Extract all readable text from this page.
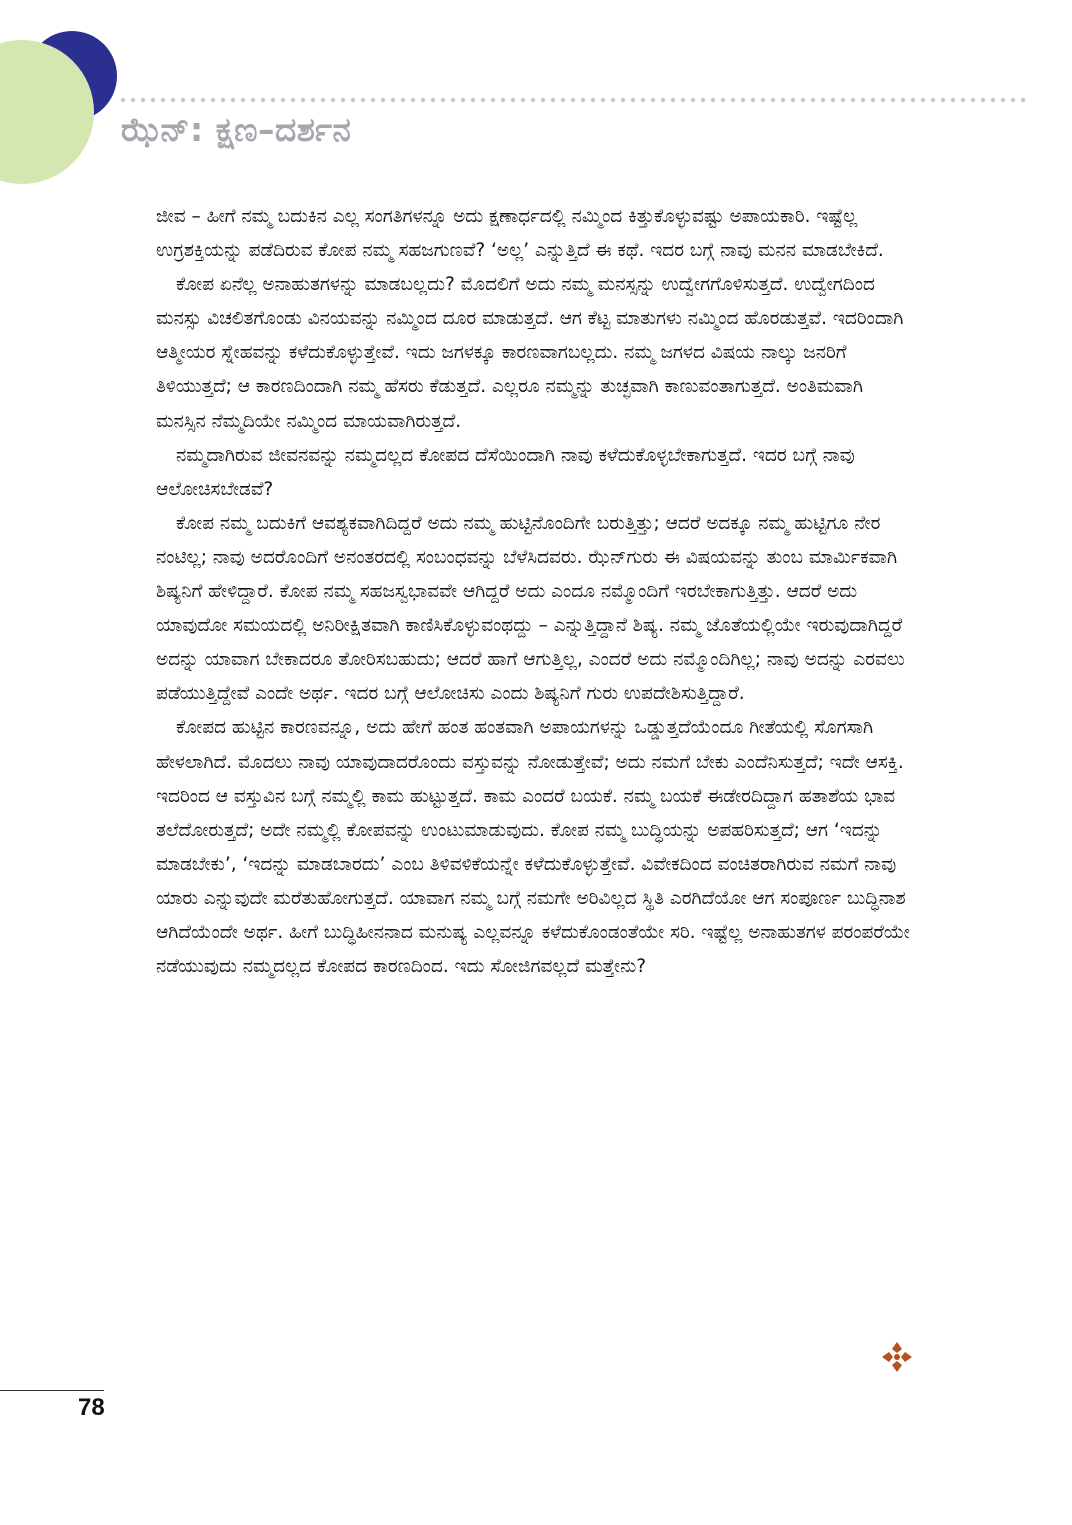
ಝೆನ್‌: ಕ್ಷಣ–ದರ್ಶನ

ಜೀವ – ಹೀಗೆ ನಮ್ಮ ಬದುಕಿನ ಎಲ್ಲ ಸಂಗತಿಗಳನ್ನೂ ಅದು ಕ್ಷಣಾರ್ಧದಲ್ಲಿ ನಮ್ಮಿಂದ ಕಿತ್ತುಕೊಳ್ಳುವಷ್ಟು ಅಪಾಯಕಾರಿ. ಇಷ್ಟೆಲ್ಲ ಉಗ್ರಶಕ್ತಿಯನ್ನು ಪಡೆದಿರುವ ಕೋಪ ನಮ್ಮ ಸಹಜಗುಣವೆ? ‘ಅಲ್ಲ’ ಎನ್ನುತ್ತಿದೆ ಈ ಕಥೆ. ಇದರ ಬಗ್ಗೆ ನಾವು ಮನನ ಮಾಡಬೇಕಿದೆ.

ಕೋಪ ಏನೆಲ್ಲ ಅನಾಹುತಗಳನ್ನು ಮಾಡಬಲ್ಲದು? ಮೊದಲಿಗೆ ಅದು ನಮ್ಮ ಮನಸ್ಸನ್ನು ಉದ್ವೇಗಗೊಳಿಸುತ್ತದೆ. ಉದ್ವೇಗದಿಂದ ಮನಸ್ಸು ವಿಚಲಿತಗೊಂಡು ವಿನಯವನ್ನು ನಮ್ಮಿಂದ ದೂರ ಮಾಡುತ್ತದೆ. ಆಗ ಕೆಟ್ಟ ಮಾತುಗಳು ನಮ್ಮಿಂದ ಹೊರಡುತ್ತವೆ. ಇದರಿಂದಾಗಿ ಆತ್ಮೀಯರ ಸ್ನೇಹವನ್ನು ಕಳೆದುಕೊಳ್ಳುತ್ತೇವೆ. ಇದು ಜಗಳಕ್ಕೂ ಕಾರಣವಾಗಬಲ್ಲದು. ನಮ್ಮ ಜಗಳದ ವಿಷಯ ನಾಲ್ಕು ಜನರಿಗೆ ತಿಳಿಯುತ್ತದೆ; ಆ ಕಾರಣದಿಂದಾಗಿ ನಮ್ಮ ಹೆಸರು ಕೆಡುತ್ತದೆ. ಎಲ್ಲರೂ ನಮ್ಮನ್ನು ತುಚ್ಛವಾಗಿ ಕಾಣುವಂತಾಗುತ್ತದೆ. ಅಂತಿಮವಾಗಿ ಮನಸ್ಸಿನ ನೆಮ್ಮದಿಯೇ ನಮ್ಮಿಂದ ಮಾಯವಾಗಿರುತ್ತದೆ.

ನಮ್ಮದಾಗಿರುವ ಜೀವನವನ್ನು ನಮ್ಮದಲ್ಲದ ಕೋಪದ ದೆಸೆಯಿಂದಾಗಿ ನಾವು ಕಳೆದುಕೊಳ್ಳಬೇಕಾಗುತ್ತದೆ. ಇದರ ಬಗ್ಗೆ ನಾವು ಆಲೋಚಿಸಬೇಡವೆ?

ಕೋಪ ನಮ್ಮ ಬದುಕಿಗೆ ಆವಶ್ಯಕವಾಗಿದಿದ್ದರೆ ಅದು ನಮ್ಮ ಹುಟ್ಟಿನೊಂದಿಗೇ ಬರುತ್ತಿತ್ತು; ಆದರೆ ಅದಕ್ಕೂ ನಮ್ಮ ಹುಟ್ಟಿಗೂ ನೇರ ನಂಟಿಲ್ಲ; ನಾವು ಅದರೊಂದಿಗೆ ಅನಂತರದಲ್ಲಿ ಸಂಬಂಧವನ್ನು ಬೆಳೆಸಿದವರು. ಝೆನ್‌ಗುರು ಈ ವಿಷಯವನ್ನು ತುಂಬ ಮಾರ್ಮಿಕವಾಗಿ ಶಿಷ್ಯನಿಗೆ ಹೇಳಿದ್ದಾರೆ. ಕೋಪ ನಮ್ಮ ಸಹಜಸ್ವಭಾವವೇ ಆಗಿದ್ದರೆ ಅದು ಎಂದೂ ನಮ್ಮೊಂದಿಗೆ ಇರಬೇಕಾಗುತ್ತಿತ್ತು. ಆದರೆ ಅದು ಯಾವುದೋ ಸಮಯದಲ್ಲಿ ಅನಿರೀಕ್ಷಿತವಾಗಿ ಕಾಣಿಸಿಕೊಳ್ಳುವಂಥದ್ದು – ಎನ್ನುತ್ತಿದ್ದಾನೆ ಶಿಷ್ಯ. ನಮ್ಮ ಜೊತೆಯಲ್ಲಿಯೇ ಇರುವುದಾಗಿದ್ದರೆ ಅದನ್ನು ಯಾವಾಗ ಬೇಕಾದರೂ ತೋರಿಸಬಹುದು; ಆದರೆ ಹಾಗೆ ಆಗುತ್ತಿಲ್ಲ, ಎಂದರೆ ಅದು ನಮ್ಮೊಂದಿಗಿಲ್ಲ; ನಾವು ಅದನ್ನು ಎರವಲು ಪಡೆಯುತ್ತಿದ್ದೇವೆ ಎಂದೇ ಅರ್ಥ. ಇದರ ಬಗ್ಗೆ ಆಲೋಚಿಸು ಎಂದು ಶಿಷ್ಯನಿಗೆ ಗುರು ಉಪದೇಶಿಸುತ್ತಿದ್ದಾರೆ.

ಕೋಪದ ಹುಟ್ಟಿನ ಕಾರಣವನ್ನೂ, ಅದು ಹೇಗೆ ಹಂತ ಹಂತವಾಗಿ ಅಪಾಯಗಳನ್ನು ಒಡ್ಡುತ್ತದೆಯೆಂದೂ ಗೀತೆಯಲ್ಲಿ ಸೊಗಸಾಗಿ ಹೇಳಲಾಗಿದೆ. ಮೊದಲು ನಾವು ಯಾವುದಾದರೊಂದು ವಸ್ತುವನ್ನು ನೋಡುತ್ತೇವೆ; ಅದು ನಮಗೆ ಬೇಕು ಎಂದೆನಿಸುತ್ತದೆ; ಇದೇ ಆಸಕ್ತಿ. ಇದರಿಂದ ಆ ವಸ್ತುವಿನ ಬಗ್ಗೆ ನಮ್ಮಲ್ಲಿ ಕಾಮ ಹುಟ್ಟುತ್ತದೆ. ಕಾಮ ಎಂದರೆ ಬಯಕೆ. ನಮ್ಮ ಬಯಕೆ ಈಡೇರದಿದ್ದಾಗ ಹತಾಶೆಯ ಭಾವ ತಲೆದೋರುತ್ತದೆ; ಅದೇ ನಮ್ಮಲ್ಲಿ ಕೋಪವನ್ನು ಉಂಟುಮಾಡುವುದು. ಕೋಪ ನಮ್ಮ ಬುದ್ಧಿಯನ್ನು ಅಪಹರಿಸುತ್ತದೆ; ಆಗ ‘ಇದನ್ನು ಮಾಡಬೇಕು’, ‘ಇದನ್ನು ಮಾಡಬಾರದು’ ಎಂಬ ತಿಳಿವಳಿಕೆಯನ್ನೇ ಕಳೆದುಕೊಳ್ಳುತ್ತೇವೆ. ವಿವೇಕದಿಂದ ವಂಚಿತರಾಗಿರುವ ನಮಗೆ ನಾವು ಯಾರು ಎನ್ನುವುದೇ ಮರೆತುಹೋಗುತ್ತದೆ. ಯಾವಾಗ ನಮ್ಮ ಬಗ್ಗೆ ನಮಗೇ ಅರಿವಿಲ್ಲದ ಸ್ಥಿತಿ ಎರಗಿದೆಯೋ ಆಗ ಸಂಪೂರ್ಣ ಬುದ್ಧಿನಾಶ ಆಗಿದೆಯೆಂದೇ ಅರ್ಥ. ಹೀಗೆ ಬುದ್ಧಿಹೀನನಾದ ಮನುಷ್ಯ ಎಲ್ಲವನ್ನೂ ಕಳೆದುಕೊಂಡಂತೆಯೇ ಸರಿ. ಇಷ್ಟೆಲ್ಲ ಅನಾಹುತಗಳ ಪರಂಪರೆಯೇ ನಡೆಯುವುದು ನಮ್ಮದಲ್ಲದ ಕೋಪದ ಕಾರಣದಿಂದ. ಇದು ಸೋಜಿಗವಲ್ಲದೆ ಮತ್ತೇನು?

78
